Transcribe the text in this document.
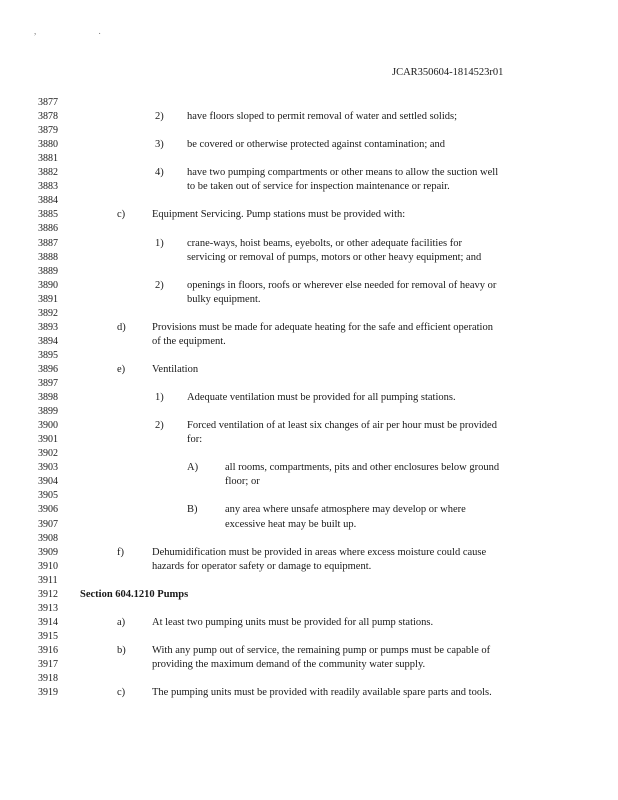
, .
JCAR350604-1814523r01
3877
3878	2) have floors sloped to permit removal of water and settled solids;
3879
3880	3) be covered or otherwise protected against contamination; and
3881
3882	4) have two pumping compartments or other means to allow the suction well
3883	to be taken out of service for inspection maintenance or repair.
3884
3885	c)	Equipment Servicing. Pump stations must be provided with:
3886
3887	1) crane-ways, hoist beams, eyebolts, or other adequate facilities for
3888	servicing or removal of pumps, motors or other heavy equipment; and
3889
3890	2) openings in floors, roofs or wherever else needed for removal of heavy or
3891	bulky equipment.
3892
3893	d)	Provisions must be made for adequate heating for the safe and efficient operation
3894	of the equipment.
3895
3896	e)	Ventilation
3897
3898	1) Adequate ventilation must be provided for all pumping stations.
3899
3900	2) Forced ventilation of at least six changes of air per hour must be provided
3901	for:
3902
3903	A)	all rooms, compartments, pits and other enclosures below ground
3904	floor; or
3905
3906	B)	any area where unsafe atmosphere may develop or where
3907	excessive heat may be built up.
3908
3909	f)	Dehumidification must be provided in areas where excess moisture could cause
3910	hazards for operator safety or damage to equipment.
3911
3912 Section 604.1210 Pumps
3913
3914	a)	At least two pumping units must be provided for all pump stations.
3915
3916	b)	With any pump out of service, the remaining pump or pumps must be capable of
3917	providing the maximum demand of the community water supply.
3918
3919	c)	The pumping units must be provided with readily available spare parts and tools.
